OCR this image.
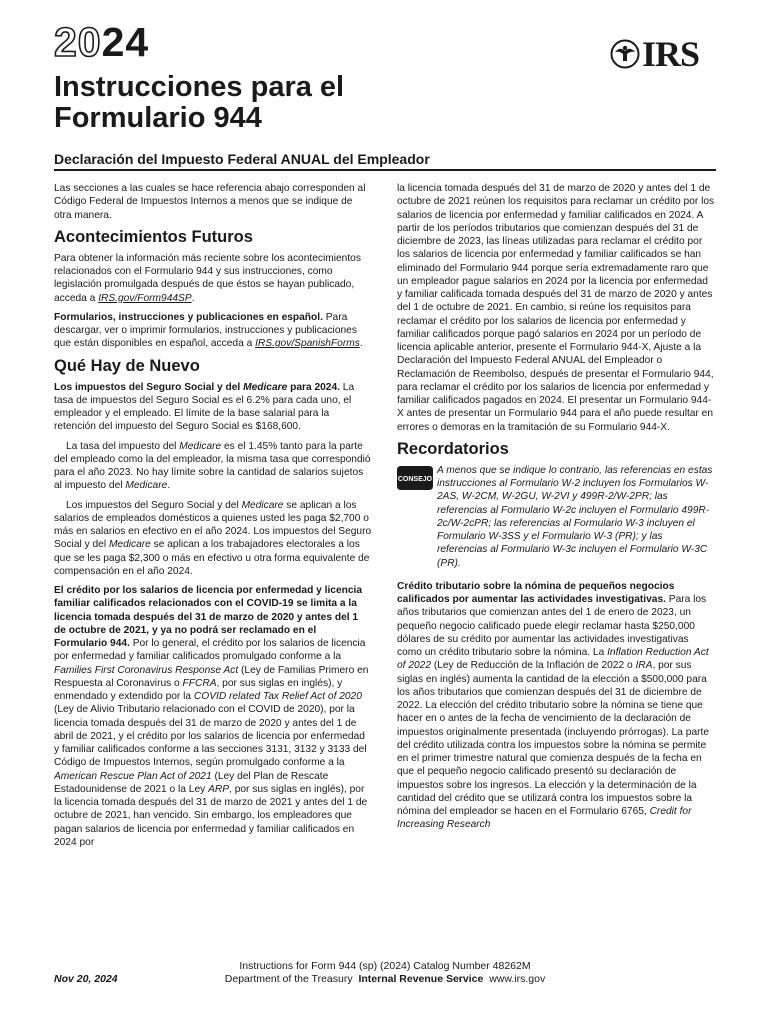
2024	IRS
Instrucciones para el Formulario 944
Declaración del Impuesto Federal ANUAL del Empleador

Las secciones a las cuales se hace referencia abajo corresponden al Código Federal de Impuestos Internos a menos que se indique de otra manera.

Acontecimientos Futuros

Para obtener la información más reciente sobre los acontecimientos relacionados con el Formulario 944 y sus instrucciones, como legislación promulgada después de que éstos se hayan publicado, acceda a IRS.gov/Form944SP.

Formularios, instrucciones y publicaciones en español. Para descargar, ver o imprimir formularios, instrucciones y publicaciones que están disponibles en español, acceda a IRS.gov/SpanishForms.

Qué Hay de Nuevo

Los impuestos del Seguro Social y del Medicare para 2024. La tasa de impuestos del Seguro Social es el 6.2% para cada uno, el empleador y el empleado. El límite de la base salarial para la retención del impuesto del Seguro Social es $168,600.

La tasa del impuesto del Medicare es el 1.45% tanto para la parte del empleado como la del empleador, la misma tasa que correspondió para el año 2023. No hay límite sobre la cantidad de salarios sujetos al impuesto del Medicare.

Los impuestos del Seguro Social y del Medicare se aplican a los salarios de empleados domésticos a quienes usted les paga $2,700 o más en salarios en efectivo en el año 2024. Los impuestos del Seguro Social y del Medicare se aplican a los trabajadores electorales a los que se les paga $2,300 o más en efectivo u otra forma equivalente de compensación en el año 2024.

El crédito por los salarios de licencia por enfermedad y licencia familiar calificados relacionados con el COVID-19 se limita a la licencia tomada después del 31 de marzo de 2020 y antes del 1 de octubre de 2021, y ya no podrá ser reclamado en el Formulario 944. Por lo general, el crédito por los salarios de licencia por enfermedad y familiar calificados promulgado conforme a la Families First Coronavirus Response Act (Ley de Familias Primero en Respuesta al Coronavirus o FFCRA, por sus siglas en inglés), y enmendado y extendido por la COVID related Tax Relief Act of 2020 (Ley de Alivio Tributario relacionado con el COVID de 2020), por la licencia tomada después del 31 de marzo de 2020 y antes del 1 de abril de 2021, y el crédito por los salarios de licencia por enfermedad y familiar calificados conforme a las secciones 3131, 3132 y 3133 del Código de Impuestos Internos, según promulgado conforme a la American Rescue Plan Act of 2021 (Ley del Plan de Rescate Estadounidense de 2021 o la Ley ARP, por sus siglas en inglés), por la licencia tomada después del 31 de marzo de 2021 y antes del 1 de octubre de 2021, han vencido. Sin embargo, los empleadores que pagan salarios de licencia por enfermedad y familiar calificados en 2024 por

la licencia tomada después del 31 de marzo de 2020 y antes del 1 de octubre de 2021 reúnen los requisitos para reclamar un crédito por los salarios de licencia por enfermedad y familiar calificados en 2024. A partir de los períodos tributarios que comienzan después del 31 de diciembre de 2023, las líneas utilizadas para reclamar el crédito por los salarios de licencia por enfermedad y familiar calificados se han eliminado del Formulario 944 porque sería extremadamente raro que un empleador pague salarios en 2024 por la licencia por enfermedad y familiar calificada tomada después del 31 de marzo de 2020 y antes del 1 de octubre de 2021. En cambio, si reúne los requisitos para reclamar el crédito por los salarios de licencia por enfermedad y familiar calificados porque pagó salarios en 2024 por un período de licencia aplicable anterior, presente el Formulario 944-X, Ajuste a la Declaración del Impuesto Federal ANUAL del Empleador o Reclamación de Reembolso, después de presentar el Formulario 944, para reclamar el crédito por los salarios de licencia por enfermedad y familiar calificados pagados en 2024. El presentar un Formulario 944-X antes de presentar un Formulario 944 para el año puede resultar en errores o demoras en la tramitación de su Formulario 944-X.

Recordatorios
CONSEJO
A menos que se indique lo contrario, las referencias en estas instrucciones al Formulario W-2 incluyen los Formularios W-2AS, W-2CM, W-2GU, W-2VI y 499R-2/W-2PR; las referencias al Formulario W-2c incluyen el Formulario 499R-2c/W-2cPR; las referencias al Formulario W-3 incluyen el Formulario W-3SS y el Formulario W-3 (PR); y las referencias al Formulario W-3c incluyen el Formulario W-3C (PR).

Crédito tributario sobre la nómina de pequeños negocios calificados por aumentar las actividades investigativas. Para los años tributarios que comienzan antes del 1 de enero de 2023, un pequeño negocio calificado puede elegir reclamar hasta $250,000 dólares de su crédito por aumentar las actividades investigativas como un crédito tributario sobre la nómina. La Inflation Reduction Act of 2022 (Ley de Reducción de la Inflación de 2022 o IRA, por sus siglas en inglés) aumenta la cantidad de la elección a $500,000 para los años tributarios que comienzan después del 31 de diciembre de 2022. La elección del crédito tributario sobre la nómina se tiene que hacer en o antes de la fecha de vencimiento de la declaración de impuestos originalmente presentada (incluyendo prórrogas). La parte del crédito utilizada contra los impuestos sobre la nómina se permite en el primer trimestre natural que comienza después de la fecha en que el pequeño negocio calificado presentó su declaración de impuestos sobre los ingresos. La elección y la determinación de la cantidad del crédito que se utilizará contra los impuestos sobre la nómina del empleador se hacen en el Formulario 6765, Credit for Increasing Research

Nov 20, 2024
Instructions for Form 944 (sp) (2024) Catalog Number 48262M
Department of the Treasury Internal Revenue Service www.irs.gov
